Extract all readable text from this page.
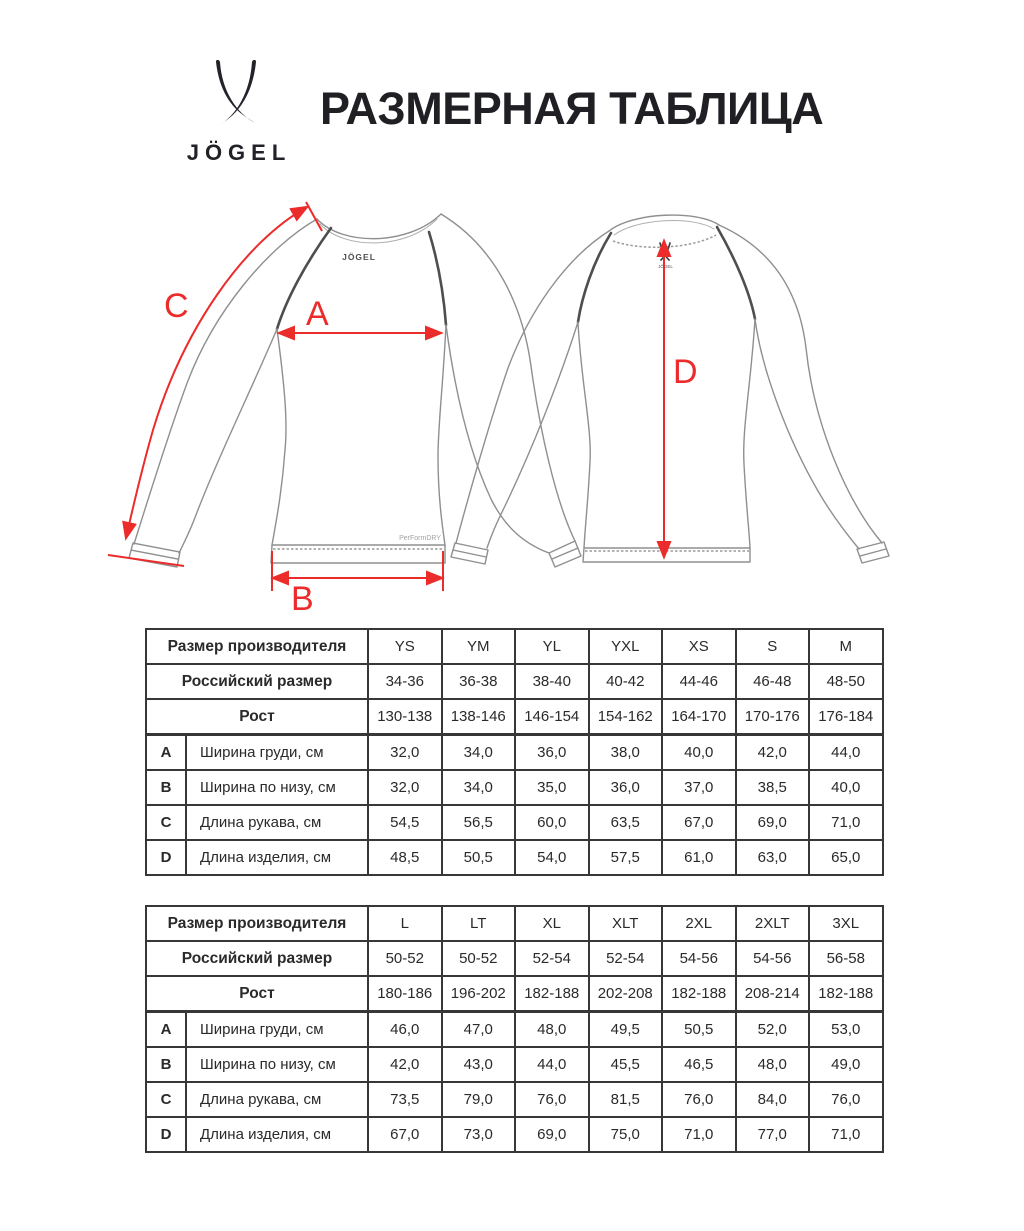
JÖGEL
РАЗМЕРНАЯ ТАБЛИЦА
JÖGEL
PerFormDRY
A
B
C
JÖGEL
D
Размер производителя		YS	YM	YL	YXL	XS	S	M
Российский размер		34-36	36-38	38-40	40-42	44-46	46-48	48-50
Рост		130-138	138-146	146-154	154-162	164-170	170-176	176-184
A	Ширина груди, см	32,0	34,0	36,0	38,0	40,0	42,0	44,0
B	Ширина по низу, см	32,0	34,0	35,0	36,0	37,0	38,5	40,0
C	Длина рукава, см	54,5	56,5	60,0	63,5	67,0	69,0	71,0
D	Длина изделия, см	48,5	50,5	54,0	57,5	61,0	63,0	65,0
Размер производителя		L	LT	XL	XLT	2XL	2XLT	3XL
Российский размер		50-52	50-52	52-54	52-54	54-56	54-56	56-58
Рост		180-186	196-202	182-188	202-208	182-188	208-214	182-188
A	Ширина груди, см	46,0	47,0	48,0	49,5	50,5	52,0	53,0
B	Ширина по низу, см	42,0	43,0	44,0	45,5	46,5	48,0	49,0
C	Длина рукава, см	73,5	79,0	76,0	81,5	76,0	84,0	76,0
D	Длина изделия, см	67,0	73,0	69,0	75,0	71,0	77,0	71,0
